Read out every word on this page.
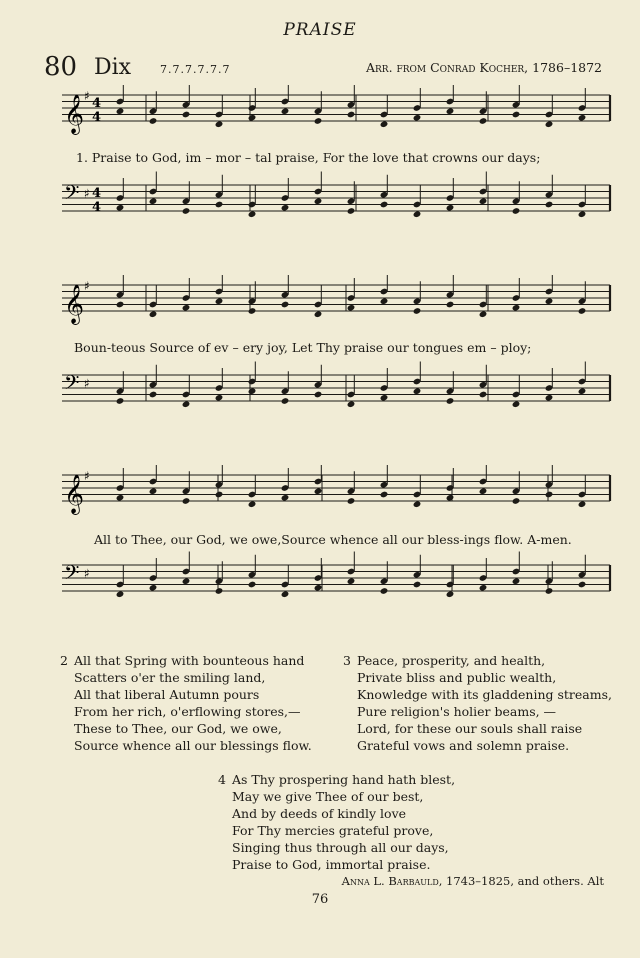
PRAISE
80 Dix	7.7.7.7.7.7	Arr. from Conrad Kocher, 1786–1872
𝄞 ♯ 4
4
𝄢 ♯ 4
4
1. Praise to God, im – mor – tal praise, For the love that crowns our days;
𝄞 ♯
𝄢 ♯
Boun-teous Source of ev – ery joy, Let Thy praise our tongues em – ploy;
𝄞 ♯
𝄢 ♯
All to Thee, our God, we owe,Source whence all our bless-ings flow. A-men.
2 All that Spring with bounteous hand
Scatters o'er the smiling land,
All that liberal Autumn pours
From her rich, o'erflowing stores,—
These to Thee, our God, we owe,
Source whence all our blessings flow.
3 Peace, prosperity, and health,
Private bliss and public wealth,
Knowledge with its gladdening streams,
Pure religion's holier beams, —
Lord, for these our souls shall raise
Grateful vows and solemn praise.
4 As Thy prospering hand hath blest,
May we give Thee of our best,
And by deeds of kindly love
For Thy mercies grateful prove,
Singing thus through all our days,
Praise to God, immortal praise.
Anna L. Barbauld, 1743–1825, and others. Alt
76
